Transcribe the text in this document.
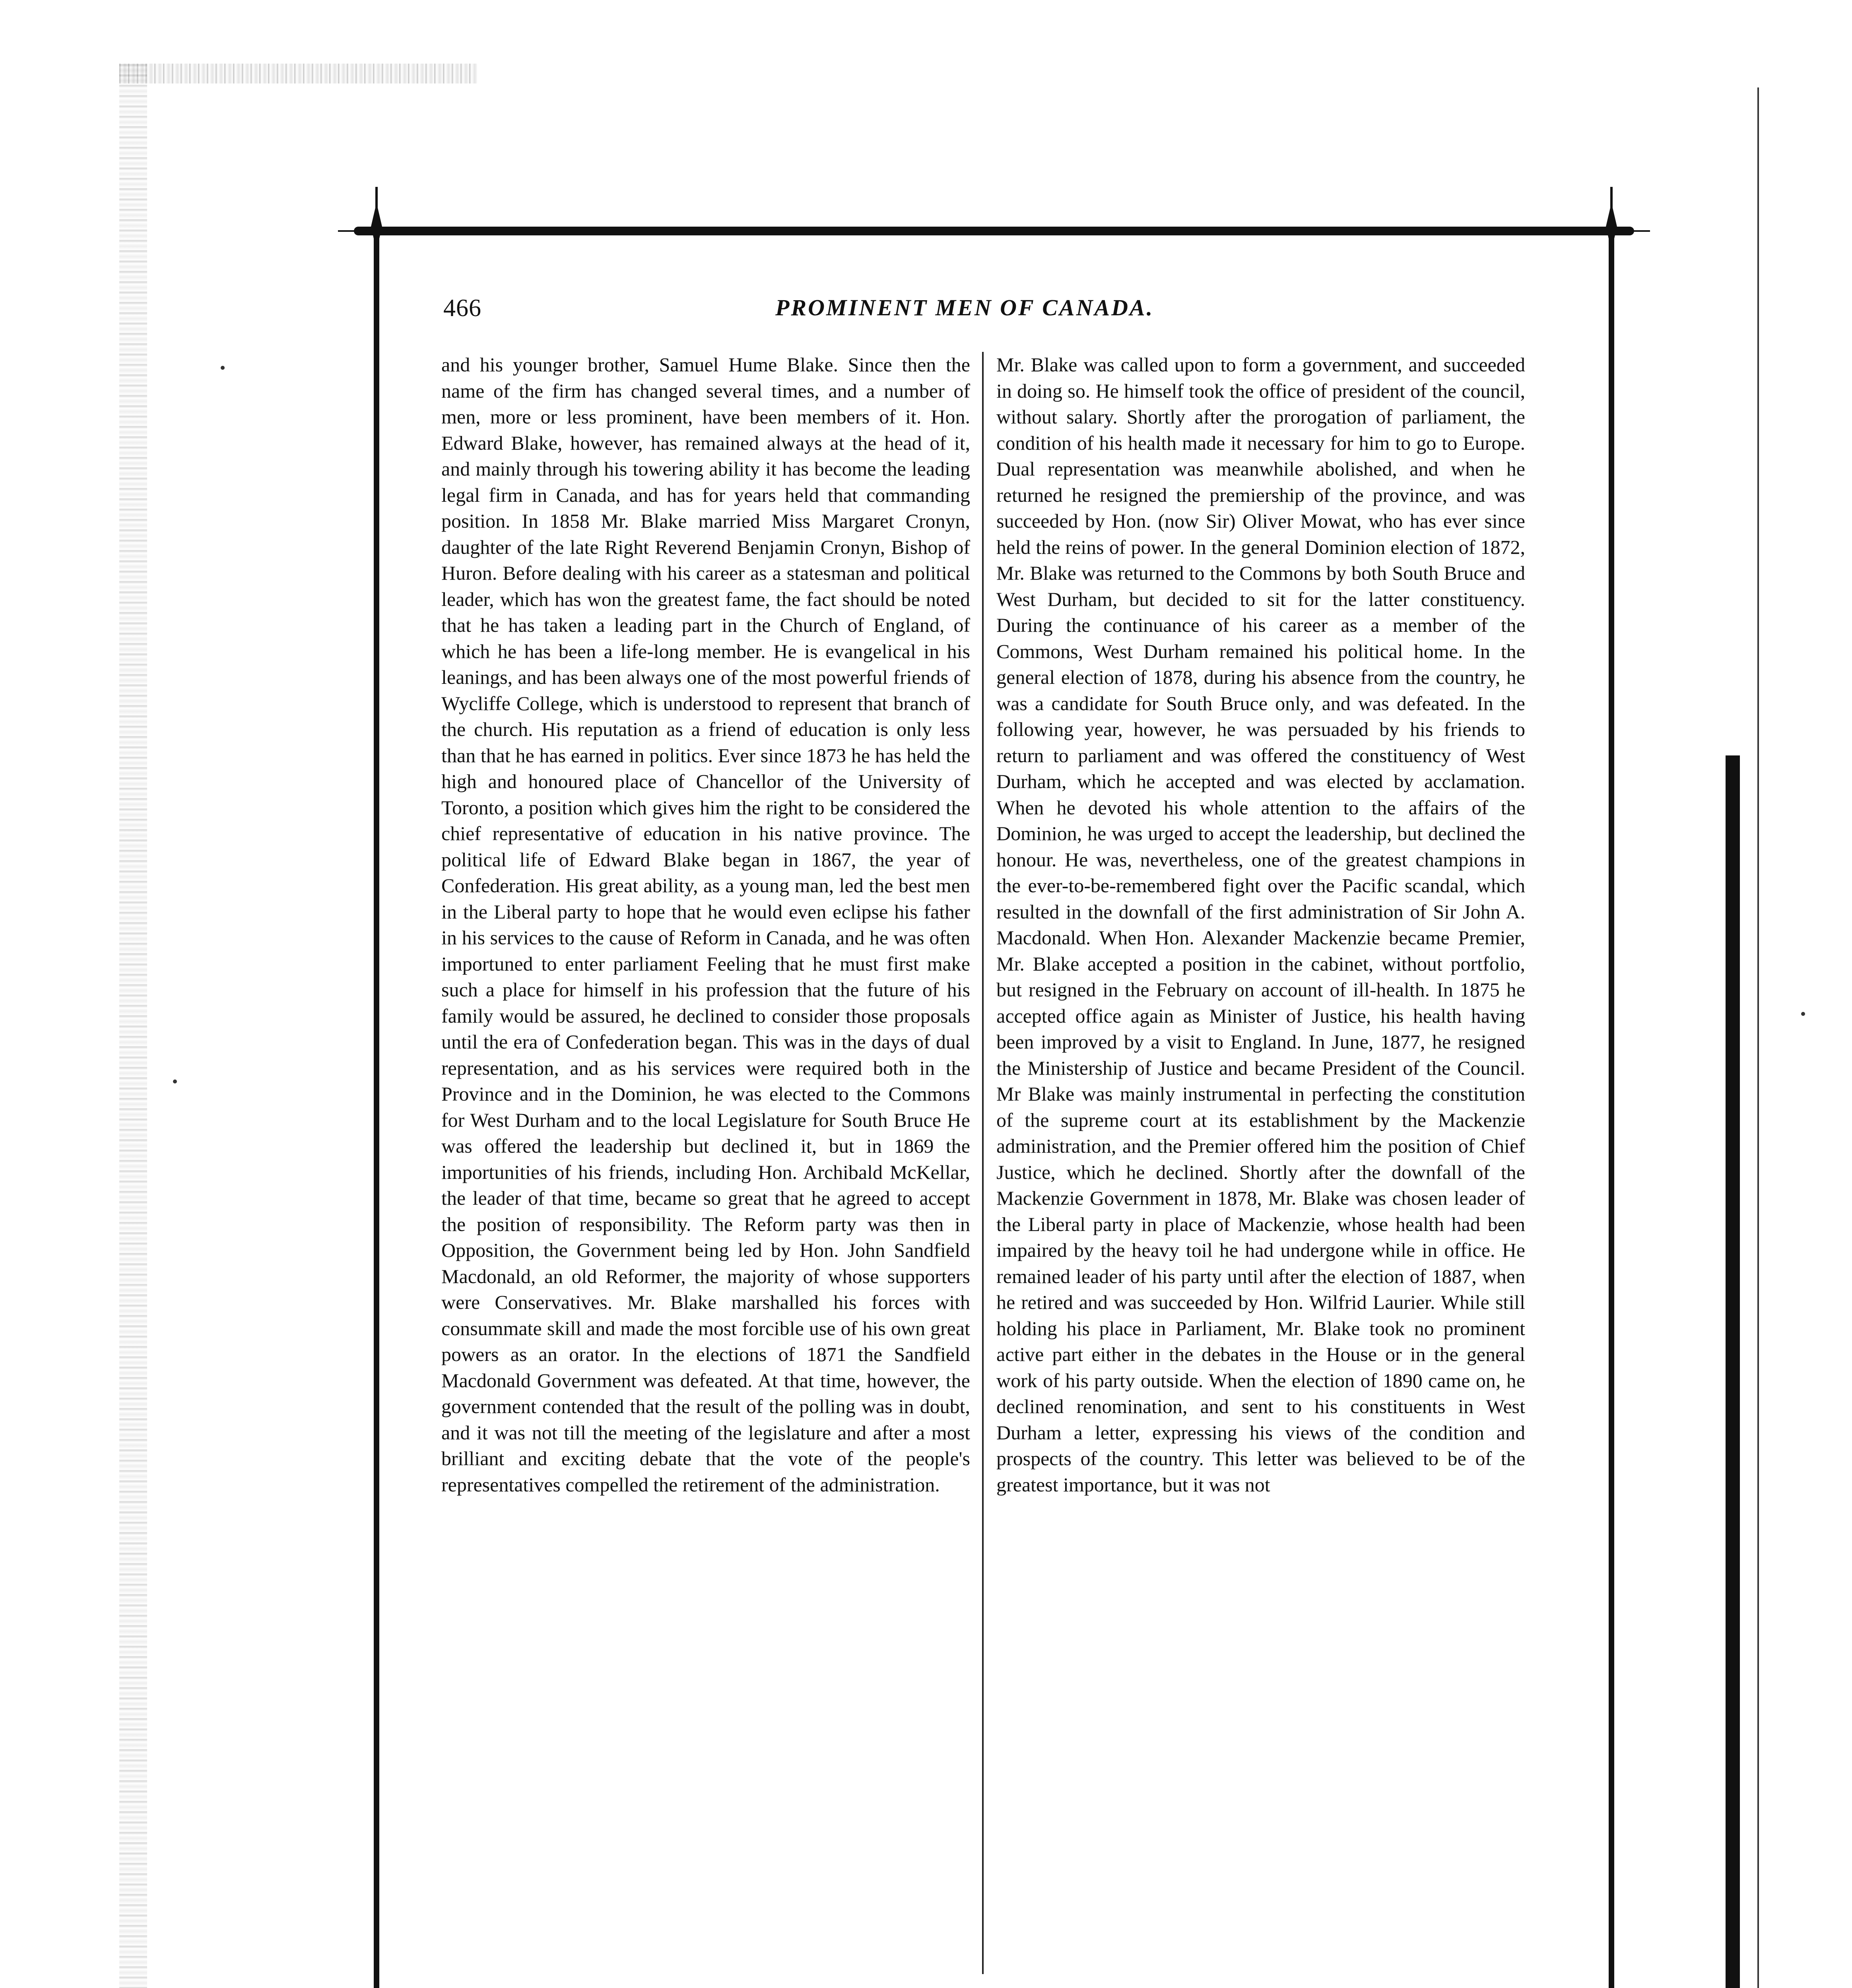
466	PROMINENT MEN OF CANADA.
and his younger brother, Samuel Hume Blake. Since then the name of the firm has changed several times, and a number of men, more or less prominent, have been members of it. Hon. Edward Blake, however, has remained always at the head of it, and mainly through his towering ability it has become the leading legal firm in Canada, and has for years held that commanding position. In 1858 Mr. Blake married Miss Margaret Cronyn, daughter of the late Right Reverend Benjamin Cronyn, Bishop of Huron. Before dealing with his career as a statesman and political leader, which has won the greatest fame, the fact should be noted that he has taken a leading part in the Church of England, of which he has been a life-long member. He is evangelical in his leanings, and has been always one of the most powerful friends of Wycliffe College, which is understood to represent that branch of the church. His reputation as a friend of education is only less than that he has earned in politics. Ever since 1873 he has held the high and honoured place of Chancellor of the University of Toronto, a position which gives him the right to be considered the chief representative of education in his native province. The political life of Edward Blake began in 1867, the year of Confederation. His great ability, as a young man, led the best men in the Liberal party to hope that he would even eclipse his father in his services to the cause of Reform in Canada, and he was often importuned to enter parliament Feeling that he must first make such a place for himself in his profession that the future of his family would be assured, he declined to consider those proposals until the era of Confederation began. This was in the days of dual representation, and as his services were required both in the Province and in the Dominion, he was elected to the Commons for West Durham and to the local Legislature for South Bruce He was offered the leadership but declined it, but in 1869 the importunities of his friends, including Hon. Archibald McKellar, the leader of that time, became so great that he agreed to accept the position of responsibility. The Reform party was then in Opposition, the Government being led by Hon. John Sandfield Macdonald, an old Reformer, the majority of whose supporters were Conservatives. Mr. Blake marshalled his forces with consummate skill and made the most forcible use of his own great powers as an orator. In the elections of 1871 the Sandfield Macdonald Government was defeated. At that time, however, the government contended that the result of the polling was in doubt, and it was not till the meeting of the legislature and after a most brilliant and exciting debate that the vote of the people's representatives compelled the retirement of the administration.
Mr. Blake was called upon to form a government, and succeeded in doing so. He himself took the office of president of the council, without salary. Shortly after the prorogation of parliament, the condition of his health made it necessary for him to go to Europe. Dual representation was meanwhile abolished, and when he returned he resigned the premiership of the province, and was succeeded by Hon. (now Sir) Oliver Mowat, who has ever since held the reins of power. In the general Dominion election of 1872, Mr. Blake was returned to the Commons by both South Bruce and West Durham, but decided to sit for the latter constituency. During the continuance of his career as a member of the Commons, West Durham remained his political home. In the general election of 1878, during his absence from the country, he was a candidate for South Bruce only, and was defeated. In the following year, however, he was persuaded by his friends to return to parliament and was offered the constituency of West Durham, which he accepted and was elected by acclamation. When he devoted his whole attention to the affairs of the Dominion, he was urged to accept the leadership, but declined the honour. He was, nevertheless, one of the greatest champions in the ever-to-be-remembered fight over the Pacific scandal, which resulted in the downfall of the first administration of Sir John A. Macdonald. When Hon. Alexander Mackenzie became Premier, Mr. Blake accepted a position in the cabinet, without portfolio, but resigned in the February on account of ill-health. In 1875 he accepted office again as Minister of Justice, his health having been improved by a visit to England. In June, 1877, he resigned the Ministership of Justice and became President of the Council. Mr Blake was mainly instrumental in perfecting the constitution of the supreme court at its establishment by the Mackenzie administration, and the Premier offered him the position of Chief Justice, which he declined. Shortly after the downfall of the Mackenzie Government in 1878, Mr. Blake was chosen leader of the Liberal party in place of Mackenzie, whose health had been impaired by the heavy toil he had undergone while in office. He remained leader of his party until after the election of 1887, when he retired and was succeeded by Hon. Wilfrid Laurier. While still holding his place in Parliament, Mr. Blake took no prominent active part either in the debates in the House or in the general work of his party outside. When the election of 1890 came on, he declined renomination, and sent to his constituents in West Durham a letter, expressing his views of the condition and prospects of the country. This letter was believed to be of the greatest importance, but it was not
